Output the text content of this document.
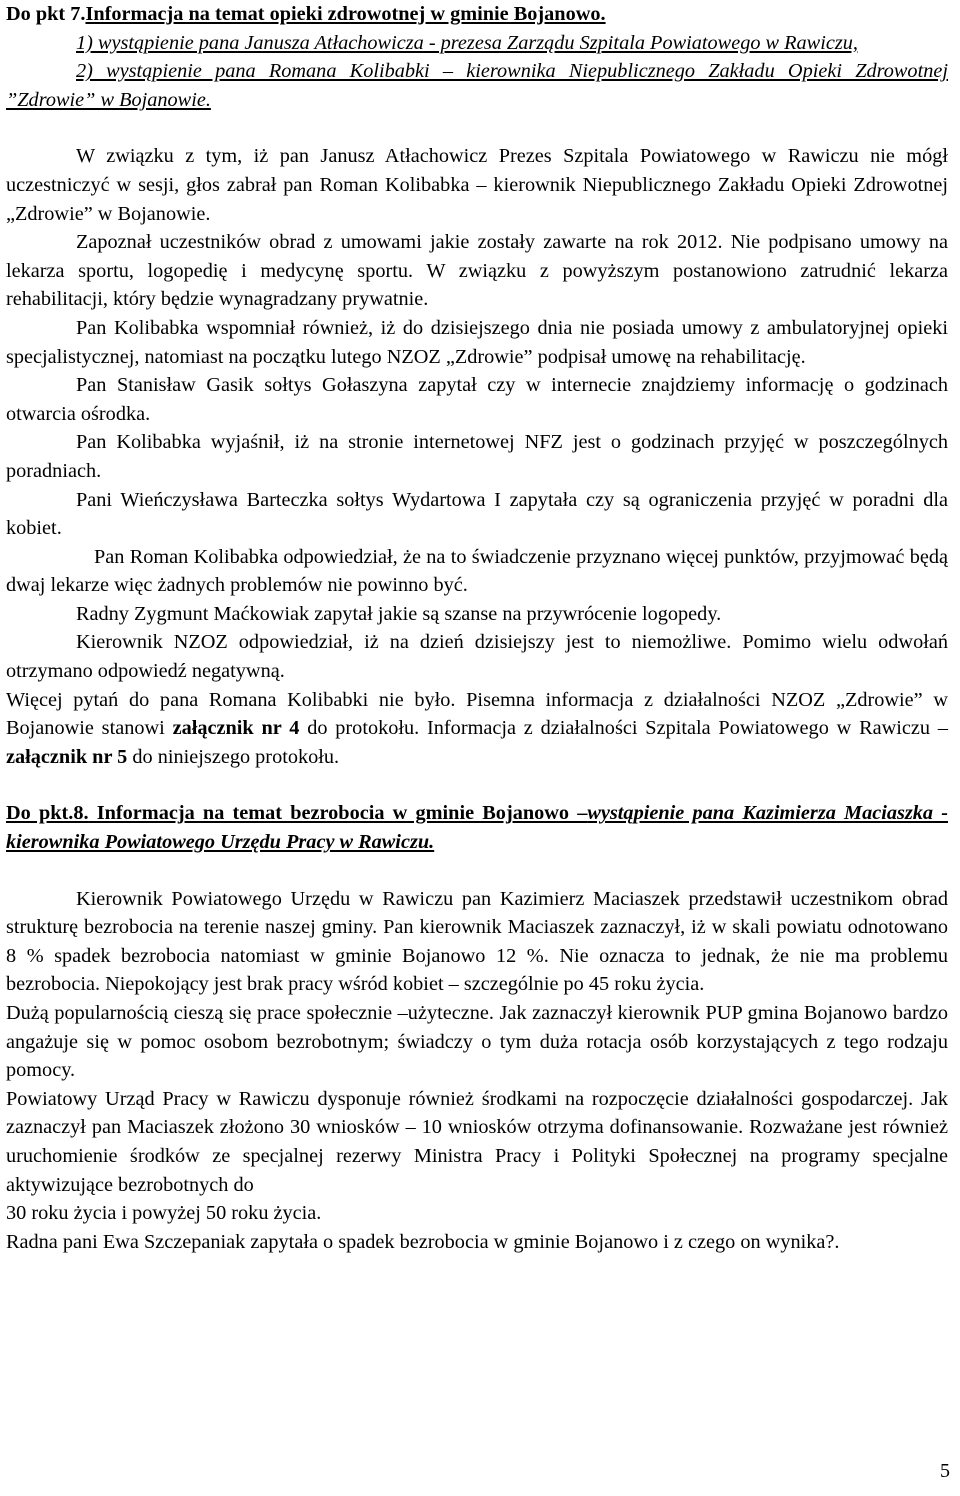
Do pkt 7.Informacja na temat opieki zdrowotnej w gminie Bojanowo.

1) wystąpienie pana Janusza Atłachowicza - prezesa Zarządu Szpitala Powiatowego w Rawiczu,

2) wystąpienie pana Romana Kolibabki – kierownika Niepublicznego Zakładu Opieki Zdrowotnej ”Zdrowie” w Bojanowie.

W związku z tym, iż pan Janusz Atłachowicz Prezes Szpitala Powiatowego w Rawiczu nie mógł uczestniczyć w sesji, głos zabrał pan Roman Kolibabka – kierownik Niepublicznego Zakładu Opieki Zdrowotnej „Zdrowie” w Bojanowie.

Zapoznał uczestników obrad z umowami jakie zostały zawarte na rok 2012. Nie podpisano umowy na lekarza sportu, logopedię i medycynę sportu. W związku z powyższym postanowiono zatrudnić lekarza rehabilitacji, który będzie wynagradzany prywatnie.

Pan Kolibabka wspomniał również, iż do dzisiejszego dnia nie posiada umowy z ambulatoryjnej opieki specjalistycznej, natomiast na początku lutego NZOZ „Zdrowie” podpisał umowę na rehabilitację.

Pan Stanisław Gasik sołtys Gołaszyna zapytał czy w internecie znajdziemy informację o godzinach otwarcia ośrodka.

Pan Kolibabka wyjaśnił, iż na stronie internetowej NFZ jest o godzinach przyjęć w poszczególnych poradniach.

Pani Wieńczysława Barteczka sołtys Wydartowa I zapytała czy są ograniczenia przyjęć w poradni dla kobiet.

Pan Roman Kolibabka odpowiedział, że na to świadczenie przyznano więcej punktów, przyjmować będą dwaj lekarze więc żadnych problemów nie powinno być.

Radny Zygmunt Maćkowiak zapytał jakie są szanse na przywrócenie logopedy.

Kierownik NZOZ odpowiedział, iż na dzień dzisiejszy jest to niemożliwe. Pomimo wielu odwołań otrzymano odpowiedź negatywną.

Więcej pytań do pana Romana Kolibabki nie było. Pisemna informacja z działalności NZOZ „Zdrowie” w Bojanowie stanowi załącznik nr 4 do protokołu. Informacja z działalności Szpitala Powiatowego w Rawiczu – załącznik nr 5 do niniejszego protokołu.

Do pkt.8. Informacja na temat bezrobocia w gminie Bojanowo –wystąpienie pana Kazimierza Maciaszka - kierownika Powiatowego Urzędu Pracy w Rawiczu.

Kierownik Powiatowego Urzędu w Rawiczu pan Kazimierz Maciaszek przedstawił uczestnikom obrad strukturę bezrobocia na terenie naszej gminy. Pan kierownik Maciaszek zaznaczył, iż w skali powiatu odnotowano 8 % spadek bezrobocia natomiast w gminie Bojanowo 12 %. Nie oznacza to jednak, że nie ma problemu bezrobocia. Niepokojący jest brak pracy wśród kobiet – szczególnie po 45 roku życia.

Dużą popularnością cieszą się prace społecznie –użyteczne. Jak zaznaczył kierownik PUP gmina Bojanowo bardzo angażuje się w pomoc osobom bezrobotnym; świadczy o tym duża rotacja osób korzystających z tego rodzaju pomocy.

Powiatowy Urząd Pracy w Rawiczu dysponuje również środkami na rozpoczęcie działalności gospodarczej. Jak zaznaczył pan Maciaszek złożono 30 wniosków – 10 wniosków otrzyma dofinansowanie. Rozważane jest również uruchomienie środków ze specjalnej rezerwy Ministra Pracy i Polityki Społecznej na programy specjalne aktywizujące bezrobotnych do

30 roku życia i powyżej 50 roku życia.

Radna pani Ewa Szczepaniak zapytała o spadek bezrobocia w gminie Bojanowo i z czego on wynika?.

5
